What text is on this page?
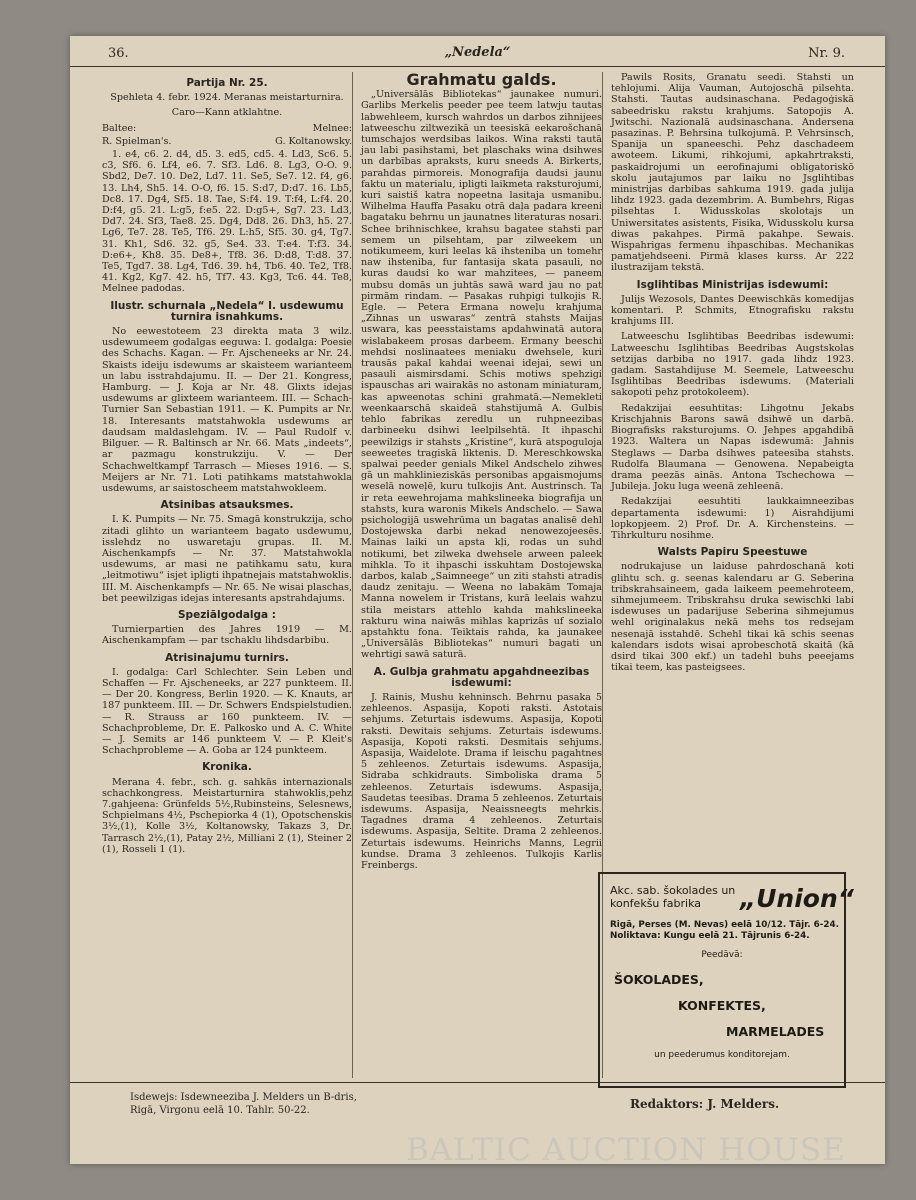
36.	„Nedela“	Nr. 9.
Partija Nr. 25.

Spehleta 4. febr. 1924. Meranas meistarturnira.

Caro—Kann atklahtne.

Baltee:	Melnee:
R. Spielman's.	G. Koltanowsky.

1. e4, c6. 2. d4, d5. 3. ed5, cd5. 4. Ld3, Sc6. 5. c3, Sf6. 6. Lf4, e6. 7. Sf3. Ld6. 8. Lg3, O-O. 9. Sbd2, De7. 10. De2, Ld7. 11. Se5, Se7. 12. f4, g6. 13. Lh4, Sh5. 14. O-O, f6. 15. S:d7, D:d7. 16. Lb5, Dc8. 17. Dg4, Sf5. 18. Tae, S:f4. 19. T:f4, L:f4. 20. D:f4, g5. 21. L:g5, f:e5. 22. D:g5+, Sg7. 23. Ld3, Dd7. 24. Sf3, Tae8. 25. Dg4, Dd8. 26. Dh3, h5. 27. Lg6, Te7. 28. Te5, Tf6. 29. L:h5, Sf5. 30. g4, Tg7. 31. Kh1, Sd6. 32. g5, Se4. 33. T:e4. T:f3. 34. D:e6+, Kh8. 35. De8+, Tf8. 36. D:d8, T:d8. 37. Te5, Tgd7. 38. Lg4, Td6. 39. h4, Tb6. 40. Te2, Tf8. 41. Kg2, Kg7. 42. h5, Tf7. 43. Kg3, Tc6. 44. Te8, Melnee padodas.

Ilustr. schurnala „Nedela“ I. usdewumu turnira isnahkums.

No eewestoteem 23 direkta mata 3 wilz. usdewumeem godalgas eeguwa: I. godalga: Poesie des Schachs. Kagan. — Fr. Ajscheneeks ar Nr. 24. Skaists ideiju isdewums ar skaisteem wariantееm un labu isstrahdajumu. II. — Der 21. Kongress, Hamburg. — J. Koja ar Nr. 48. Gliхts idejas usdewums ar gliхteem wariantееm. III. — Schach-Turnier San Sebastian 1911. — K. Pumpits ar Nr. 18. Interesants matstahwokla usdewums ar daudsam maldaslehgam. IV. — Paul Rudolf v. Bilguer. — R. Baltinsch ar Nr. 66. Mats „indeets“, ar pazmagu konstrukziju. V. — Der Schachweltkampf Tarrasch — Mieses 1916. — S. Meijers ar Nr. 71. Loti patihkams matstahwokla usdewums, ar saistoscheem matstahwokleem.

Atsinibas atsauksmes.

I. K. Pumpits — Nr. 75. Smagā konstrukzija, scho zitadi glihto un wariantееm bagato usdewumu, isslehdz no uswaretaju grupas. II. M. Aischenkampfs — Nr. 37. Matstahwokla usdewums, ar masi ne patihkamu satu, kura „leitmotiwu“ isjet ipligti ihpatnejais matstahwoklis. III. M. Aischenkampfs — Nr. 65. Ne wisai plaschas, bet peewilzigas idejas interesants apstrahdajums.

Speziālgodalga :

Turnierpartien des Jahres 1919 — M. Aischenkampfam — par tschaklu lihdsdarbibu.

Atrisinajumu turnirs.

I. godalga: Carl Schlechter. Sein Leben und Schaffen — Fr. Ajscheneeks, ar 227 punkteem. II. — Der 20. Kongress, Berlin 1920. — K. Knauts, ar 187 punkteem. III. — Dr. Schwers Endspielstudien. — R. Strauss ar 160 punkteem. IV. — Schachprobleme, Dr. E. Palkosko und A. C. White — J. Semits ar 146 punkteem V. — P. Kleit's Schachprobleme — A. Goba ar 124 punkteem.

Kronika.

Merana 4. febr., sch. g. sahkās internazionals schachkongress. Meistarturnira stahwoklis,pehz 7.gahjeena: Grünfelds 5½,Rubinsteins, Selesnews, Schpielmans 4½, Pschepiorka 4 (1), Opotschenskis 3½,(1), Kolle 3½, Koltanowsky, Takazs 3, Dr. Tarrasch 2½,(1), Patay 2½, Milliani 2 (1), Steiner 2 (1), Rosseli 1 (1).

Grahmatu galds.

„Universālās Bibliotekas“ jaunakee numuri. Garlibs Merkelis peeder pee teem latwju tautas labwehleem, kursch wahrdos un darbos zihnijees latweeschu ziltwezikā un teesiskā eekarošchanā tumschajos werdsibas laikos. Wina raksti tautā jau labi pasihstami, bet plaschaks wina dsihwes un darbības apraksts, kuru sneeds A. Birkerts, parahdas pirmoreis. Monografija daudsi jaunu faktu un materialu, ipligti laikmeta raksturojumi, kuri saistiš katra nopeetna lasitaja usmanibu. Wilhelma Hauffa Pasaku otrā daļa padara kreeni bagataku behrnu un jaunatnes literaturas nosari. Schee brihnischkee, krahsu bagatee stahsti par semem un pilsehtam, par zilweekem un notikumeem, kuri leelas kā ihsteniba un tomehr naw ihsteniba, fur fantasija skata pasauli, no kuras daudsi ko war mahzitees, — paneem mubsu domās un juhtās sawā ward jau no pat pirmām rindam. — Pasakas ruhpigi tulkojis R. Egle. — Petera Ermana noweļu krahjuma „Zihnas un uswaras“ zentrā stahsts Maijas uswara, kas peesstaistams apdahwinatā autora wislabakeem prosas darbeem. Ermanу beeschi mehdsi noslinaatees meniaku dwehsele, kuri trausās pakal kahdai weenai idejai, sewi un pasauli aismirsdami. Schis motiws spehzigi ispauschas ari wairakās no astonam miniaturam, kas apweenotas schini grahmatā.—Nemekleti weenkaarschā skaidеā stahstijumā A. Gulbis tehlo fabrikas zeredlu un ruhpneezibas darbineeku dsihwi leelpilsehtā. It ihpaschi peewilzigs ir stahsts „Kristine“, kurā atspoguloja seeweetes tragiskā liktenis. D. Mereschkowska spalwai peeder genials Mikel Andschelo zihwеs gā un mahklinieziskās personibas apgaismojums weselā noweļē, kuru tulkojis Ant. Austrinsch. Ta ir reta eewehrojama mahkslineeka biografija un stahsts, kura waronis Mikels Andschelo. — Sawa psichologijā uswehrūma un bagatas analisē dehl Dostojewska darbi nekad nenowezojeesēs. Mainas laiki un apsta kļi, rodas un suhd notikumi, bet zilweka dwehsele arween paleek mihkla. To it ihpaschi isskuhtam Dostojewska darbos, kalab „Saimneege“ un ziti stahsti atradis daudz zenitaju. — Weena no labakām Tomaja Manna nowelem ir Tristans, kurā leelais wahzu stila meistars attehlo kahda mahkslineeka rakturu wina naiwās mihlas kaprizās uf sozialo apstahktu fona. Teiktais rahda, ka jaunakee „Universālās Bibliotekas“ numuri bagati un wehrtigi sawā saturā.

A. Gulbja grahmatu apgahdneezibas isdewumi:

J. Rainis, Mushu kehninsch. Behrnu pasaka 5 zehleenos. Aspasija, Kopoti raksti. Astotais sehjums. Zeturtais isdewums. Aspasija, Kopoti raksti. Dewitais sehjums. Zeturtais isdewums. Aspasija, Kopoti raksti. Desmitais sehjums. Aspasija, Waidelote. Drama if leischu pagahtnes 5 zehleenos. Zeturtais isdewums. Aspasija, Sidraba schkidrauts. Simboliska drama 5 zehleenos. Zeturtais isdewums. Aspasija, Saudetas teesibas. Drama 5 zehleenos. Zeturtais isdewums. Aspasija, Neaissneegts mehrkis. Tagadnes drama 4 zehleenos. Zeturtais isdewums. Aspasija, Seltite. Drama 2 zehleenos. Zeturtais isdewums. Heinrichs Manns, Legrii kundse. Drama 3 zehleenos. Tulkojis Karlis Freinbergs.

Pawils Rosits, Granatu seedi. Stahsti un tehlojumi. Alija Vauman, Autojoschā pilsehta. Stahsti. Tautas audsinaschana. Pedagoģiskā sabeedrisku rakstu krahjums. Satopojis A. Jwitschi. Nazionalā audsinaschana. Andersena pasazinas. P. Behrsina tulkojumā. P. Vehrsinsch, Spanija un spaneeschi. Pehz daschadeem awoteem. Likumi, rihkojumi, apkahrtraksti, paskaidrojumi un eerofinajumi obligatoriskō skolu jautajumos par laiku no Jsglihtibas ministrijas darbibas sahkuma 1919. gada julija lihdz 1923. gada dezembrim. A. Bumbehrs, Rigas pilsehtas I. Widusskolas skolotajs un Uniwersitates asistents, Fisika, Widusskolu kursa diwas pakahpes. Pirmā pakahpe. Sewais. Wispahrigas fermenu ihpaschibas. Mechanikas pamatjehdseeni. Pirmā klases kurss. Ar 222 ilustrazijam tekstā.

Isglihtibas Ministrijas isdewumi:

Julijs Wezosols, Dantes Deewischkās komedijas komentari. P. Schmits, Etnografisku rakstu krahjums III.

Latweeschu Isglihtibas Beedribas isdewumi: Latweeschu Isglihtibas Beedribas Augstskolas setzijas darbiba no 1917. gada lihdz 1923. gadam. Sastahdijuse M. Seemele, Latweeschu Isglihtibas Beedribas isdewums. (Materiali sakopoti pehz protokoleem).

Redakzijai eesuhtitas: Lihgotnu Jekabs Krischjahnis Barons sawā dsihwē un darbā. Biografisks raksturojums. O. Jehpes apgahdibā 1923. Waltera un Napas isdewumā: Jahnis Steglaws — Darba dsihwes pateesiba stahsts. Rudolfa Blaumana — Genowena. Nepabeigta drama peezās ainās. Antona Tschechowa — Jubileja. Joku luga weenā zehleenā.

Redakzijai eesuhtiti laukkaimneezibas departamenta isdewumi: 1) Aisrahdijumi lopkopjeem. 2) Prof. Dr. A. Kirchensteins. — Tihrkulturu nosihme.

Walsts Papiru Speestuwe

nodrukajuse un laiduse pahrdoschanā koti glihtu sch. g. seenas kalendaru ar G. Seberina tribskrahsaineem, gada laikeem peemehroteem, sihmejumeem. Tribskrahsu druka sewischki labi isdewuses un padarijuse Seberina sihmejumus wehl originalakus nekā mehs tos redsejam nesenajā isstahdē. Schehl tikai kā schis seenas kalendars isdots wisai aprobeschotā skaitā (kā dsird tikai 300 ekf.) un tadehl buhs peeejams tikai teem, kas pasteigsees.

Isdewejs: Isdewneeziba J. Melders un B-dris,
Rigā, Virgonu eelā 10. Tahlr. 50-22.	Redaktors: J. Melders.
Akc. sab. šokolades un konfekšu fabrika	„Union“
Rigā, Perses (M. Nevas) eelā 10/12. Tājr. 6-24.
Noliktava: Kungu eelā 21. Tājrunis 6-24.
Peedāvā:
ŠOKOLADES,
KONFEKTES,
MARMELADES
un peederumus konditorejam.
BALTIC AUCTION HOUSE
